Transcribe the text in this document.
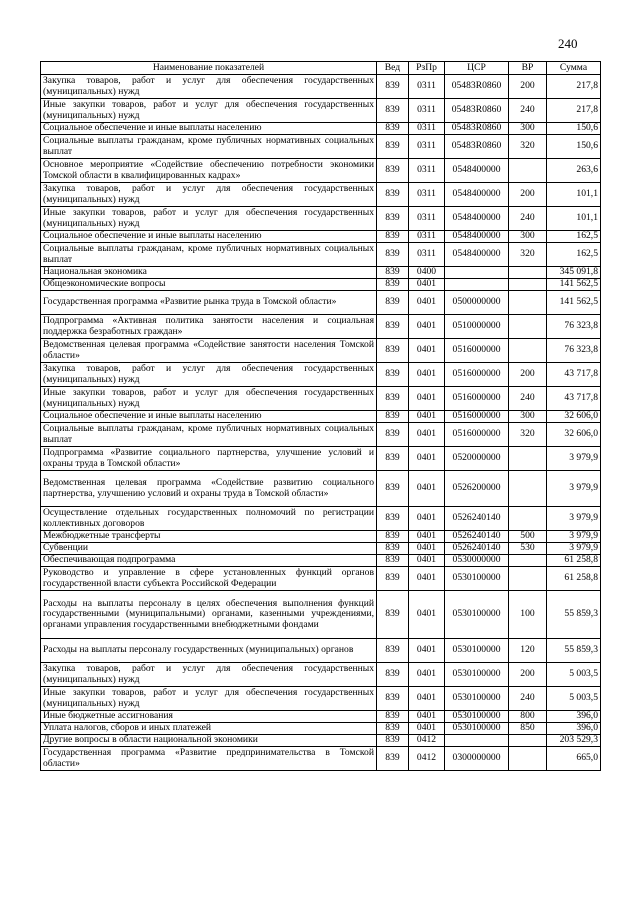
240
Наименование показателей	Вед	РзПр	ЦСР	ВР	Сумма
Закупка товаров, работ и услуг для обеспечения государственных (муниципальных) нужд	839	0311	05483R0860	200	217,8
Иные закупки товаров, работ и услуг для обеспечения государственных (муниципальных) нужд	839	0311	05483R0860	240	217,8
Социальное обеспечение и иные выплаты населению	839	0311	05483R0860	300	150,6
Социальные выплаты гражданам, кроме публичных нормативных социальных выплат	839	0311	05483R0860	320	150,6
Основное мероприятие «Содействие обеспечению потребности экономики Томской области в квалифицированных кадрах»	839	0311	0548400000		263,6
Закупка товаров, работ и услуг для обеспечения государственных (муниципальных) нужд	839	0311	0548400000	200	101,1
Иные закупки товаров, работ и услуг для обеспечения государственных (муниципальных) нужд	839	0311	0548400000	240	101,1
Социальное обеспечение и иные выплаты населению	839	0311	0548400000	300	162,5
Социальные выплаты гражданам, кроме публичных нормативных социальных выплат	839	0311	0548400000	320	162,5
Национальная экономика	839	0400			345 091,8
Общеэкономические вопросы	839	0401			141 562,5
Государственная программа «Развитие рынка труда в Томской области»	839	0401	0500000000		141 562,5
Подпрограмма «Активная политика занятости населения и социальная поддержка безработных граждан»	839	0401	0510000000		76 323,8
Ведомственная целевая программа «Содействие занятости населения Томской области»	839	0401	0516000000		76 323,8
Закупка товаров, работ и услуг для обеспечения государственных (муниципальных) нужд	839	0401	0516000000	200	43 717,8
Иные закупки товаров, работ и услуг для обеспечения государственных (муниципальных) нужд	839	0401	0516000000	240	43 717,8
Социальное обеспечение и иные выплаты населению	839	0401	0516000000	300	32 606,0
Социальные выплаты гражданам, кроме публичных нормативных социальных выплат	839	0401	0516000000	320	32 606,0
Подпрограмма «Развитие социального партнерства, улучшение условий и охраны труда в Томской области»	839	0401	0520000000		3 979,9
Ведомственная целевая программа «Содействие развитию социального партнерства, улучшению условий и охраны труда в Томской области»	839	0401	0526200000		3 979,9
Осуществление отдельных государственных полномочий по регистрации коллективных договоров	839	0401	0526240140		3 979,9
Межбюджетные трансферты	839	0401	0526240140	500	3 979,9
Субвенции	839	0401	0526240140	530	3 979,9
Обеспечивающая подпрограмма	839	0401	0530000000		61 258,8
Руководство и управление в сфере установленных функций органов государственной власти субъекта Российской Федерации	839	0401	0530100000		61 258,8
Расходы на выплаты персоналу в целях обеспечения выполнения функций государственными (муниципальными) органами, казенными учреждениями, органами управления государственными внебюджетными фондами	839	0401	0530100000	100	55 859,3
Расходы на выплаты персоналу государственных (муниципальных) органов	839	0401	0530100000	120	55 859,3
Закупка товаров, работ и услуг для обеспечения государственных (муниципальных) нужд	839	0401	0530100000	200	5 003,5
Иные закупки товаров, работ и услуг для обеспечения государственных (муниципальных) нужд	839	0401	0530100000	240	5 003,5
Иные бюджетные ассигнования	839	0401	0530100000	800	396,0
Уплата налогов, сборов и иных платежей	839	0401	0530100000	850	396,0
Другие вопросы в области национальной экономики	839	0412			203 529,3
Государственная программа «Развитие предпринимательства в Томской области»	839	0412	0300000000		665,0
